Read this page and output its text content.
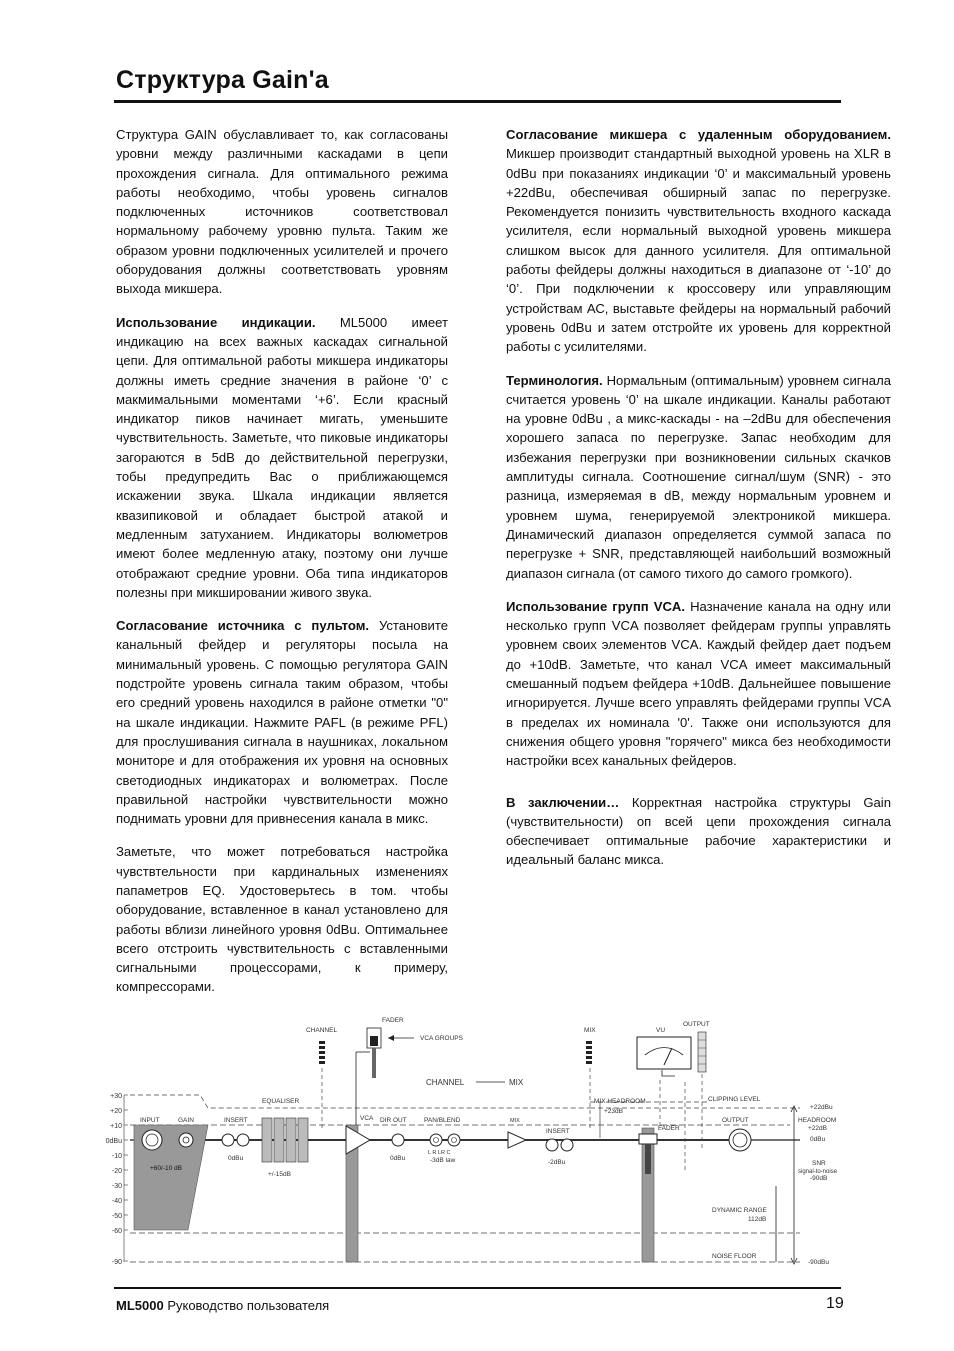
Структура Gain'a

Структура GAIN обуславливает то, как согласованы уровни между различными каскадами в цепи прохождения сигнала. Для оптимального режима работы необходимо, чтобы уровень сигналов подключенных источников соответствовал нормальному рабочему уровню пульта. Таким же образом уровни подключенных усилителей и прочего оборудования должны соответствовать уровням выхода микшера.

Использование индикации. ML5000 имеет индикацию на всех важных каскадах сигнальной цепи. Для оптимальной работы микшера индикаторы должны иметь средние значения в районе ‘0’ с макмимальными моментами ‘+6’. Если красный индикатор пиков начинает мигать, уменьшите чувствительность. Заметьте, что пиковые индикаторы загораются в 5dB до действительной перегрузки, тобы предупредить Вас о приближающемся искажении звука. Шкала индикации является квазипиковой и обладает быстрой атакой и медленным затуханием. Индикаторы волюметров имеют более медленную атаку, поэтому они лучше отображают средние уровни. Оба типа индикаторов полезны при микшировании живого звука.

Согласование источника с пультом. Установите канальный фейдер и регуляторы посыла на минимальный уровень. С помощью регулятора GAIN подстройте уровень сигнала таким образом, чтобы его средний уровень находился в районе отметки "0" на шкале индикации. Нажмите PAFL (в режиме PFL) для прослушивания сигнала в наушниках, локальном мониторе и для отображения их уровня на основных светодиодных индикаторах и волюметрах. После правильной настройки чувствительности можно поднимать уровни для привнесения канала в микс.

Заметьте, что может потребоваться настройка чувствтельности при кардинальных изменениях папаметров EQ. Удостоверьтесь в том. чтобы оборудование, вставленное в канал установлено для работы вблизи линейного уровня 0dBu. Оптимальнее всего отстроить чувствительность с вставленными сигнальными процессорами, к примеру, компрессорами.

Согласование микшера с удаленным оборудованием. Микшер производит стандартный выходной уровень на XLR в 0dBu при показаниях индикации ‘0’ и максимальный уровень +22dBu, обеспечивая обширный запас по перегрузке. Рекомендуется понизить чувствительность входного каскада усилителя, если нормальный выходной уровень микшера слишком высок для данного усилителя. Для оптимальной работы фейдеры должны находиться в диапазоне от ‘-10’ до ‘0’. При подключении к кроссоверу или управляющим устройствам АС, выставьте фейдеры на нормальный рабочий уровень 0dBu и затем отстройте их уровень для корректной работы с усилителями.

Терминология. Нормальным (оптимальным) уровнем сигнала считается уровень ‘0’ на шкале индикации. Каналы работают на уровне 0dBu , а микс-каскады - на –2dBu для обеспечения хорошего запаса по перегрузке. Запас необходим для избежания перегрузки при возникновении сильных скачков амплитуды сигнала. Соотношение сигнал/шум (SNR) - это разница, измеряемая в dB, между нормальным уровнем и уровнем шума, генерируемой электроникой микшера. Динамический диапазон определяется суммой запаса по перегрузке + SNR, представляющей наибольший возможный диапазон сигнала (от самого тихого до самого громкого).

Использование групп VCA. Назначение канала на одну или несколько групп VCA позволяет фейдерам группы управлять уровнем своих элементов VCA. Каждый фейдер дает подъем до +10dB. Заметьте, что канал VCA имеет максимальный смешанный подъем фейдера +10dB. Дальнейшее повышение игнорируется. Лучше всего управлять фейдерами группы VCA в пределах их номинала '0'. Также они используются для снижения общего уровня "горячего" микса без необходимости настройки всех канальных фейдеров.

В заключении… Корректная настройка структуры Gain (чувствительности) оп всей цепи прохождения сигнала обеспечивает оптимальные рабочие характеристики и идеальный баланс микса.

+30
+20
+10
0dBu
-10
-20
-30
-40
-50
-60
-90
CHANNEL
FADER
VCA GROUPS
MIX	VU
OUTPUT
CHANNEL	MIX
INPUT	GAIN
+60/-10 dB
INSERT
0dBu
EQUALISER
+/-15dB
VCA DIR OUT
0dBu
PAN/BLEND
L R LR C
-3dB law
MIX
INSERT
-2dBu
MIX HEADROOM
+23dB
FADER
CLIPPING LEVEL
OUTPUT
+22dBu
HEADROOM
+22dB
0dBu
SNR
signal-to-noise
-90dB
DYNAMIC RANGE
112dB
NOISE FLOOR
-90dBu
ML5000 Руководство пользователя	19
